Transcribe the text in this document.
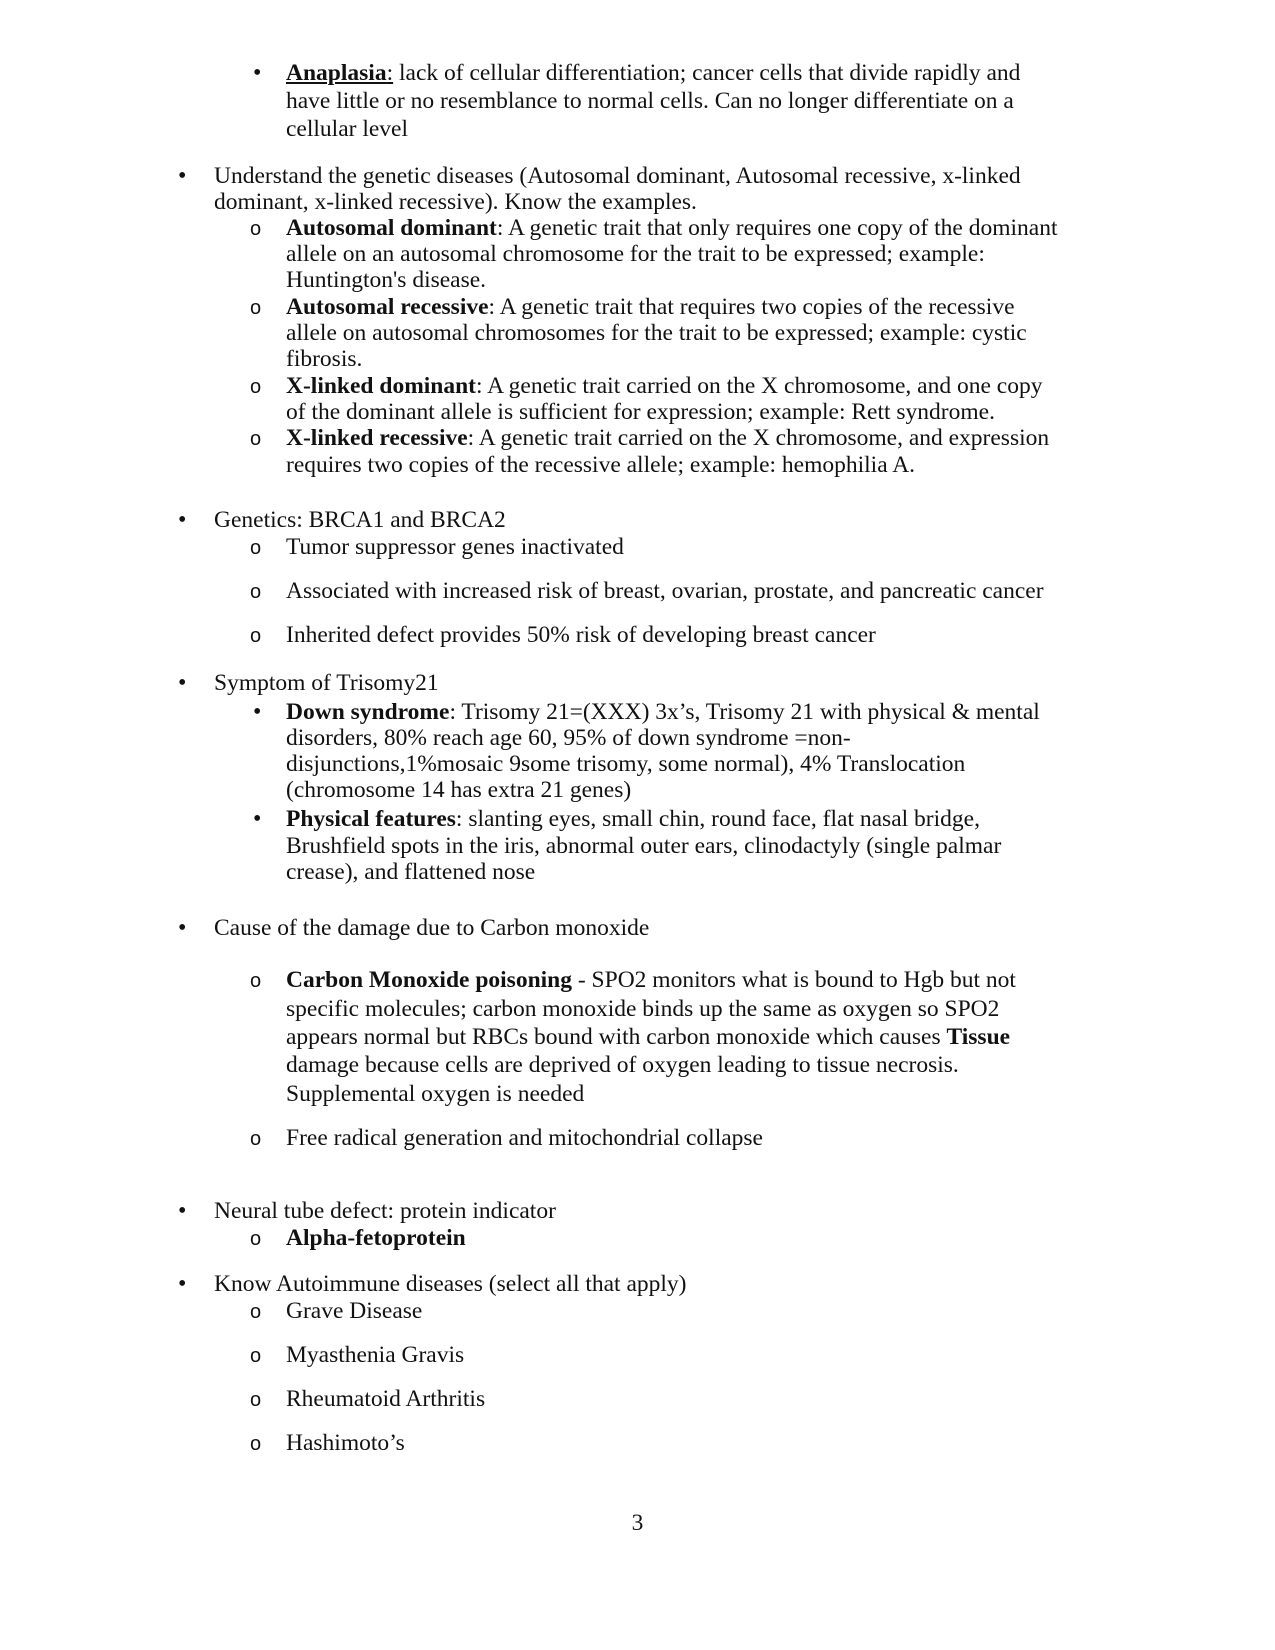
• Anaplasia: lack of cellular differentiation; cancer cells that divide rapidly and
have little or no resemblance to normal cells. Can no longer differentiate on a
cellular level
• Understand the genetic diseases (Autosomal dominant, Autosomal recessive, x-linked
dominant, x-linked recessive). Know the examples.
o Autosomal dominant: A genetic trait that only requires one copy of the dominant
allele on an autosomal chromosome for the trait to be expressed; example:
Huntington's disease.
o Autosomal recessive: A genetic trait that requires two copies of the recessive
allele on autosomal chromosomes for the trait to be expressed; example: cystic
fibrosis.
o X-linked dominant: A genetic trait carried on the X chromosome, and one copy
of the dominant allele is sufficient for expression; example: Rett syndrome.
o X-linked recessive: A genetic trait carried on the X chromosome, and expression
requires two copies of the recessive allele; example: hemophilia A.
• Genetics: BRCA1 and BRCA2
o Tumor suppressor genes inactivated
o Associated with increased risk of breast, ovarian, prostate, and pancreatic cancer
o Inherited defect provides 50% risk of developing breast cancer
• Symptom of Trisomy21
• Down syndrome: Trisomy 21=(XXX) 3x’s, Trisomy 21 with physical & mental
disorders, 80% reach age 60, 95% of down syndrome =non-
disjunctions,1%mosaic 9some trisomy, some normal), 4% Translocation
(chromosome 14 has extra 21 genes)
• Physical features: slanting eyes, small chin, round face, flat nasal bridge,
Brushfield spots in the iris, abnormal outer ears, clinodactyly (single palmar
crease), and flattened nose
• Cause of the damage due to Carbon monoxide
o Carbon Monoxide poisoning - SPO2 monitors what is bound to Hgb but not
specific molecules; carbon monoxide binds up the same as oxygen so SPO2
appears normal but RBCs bound with carbon monoxide which causes Tissue
damage because cells are deprived of oxygen leading to tissue necrosis.
Supplemental oxygen is needed
o Free radical generation and mitochondrial collapse
• Neural tube defect: protein indicator
o Alpha-fetoprotein
• Know Autoimmune diseases (select all that apply)
o Grave Disease
o Myasthenia Gravis
o Rheumatoid Arthritis
o Hashimoto’s
3
